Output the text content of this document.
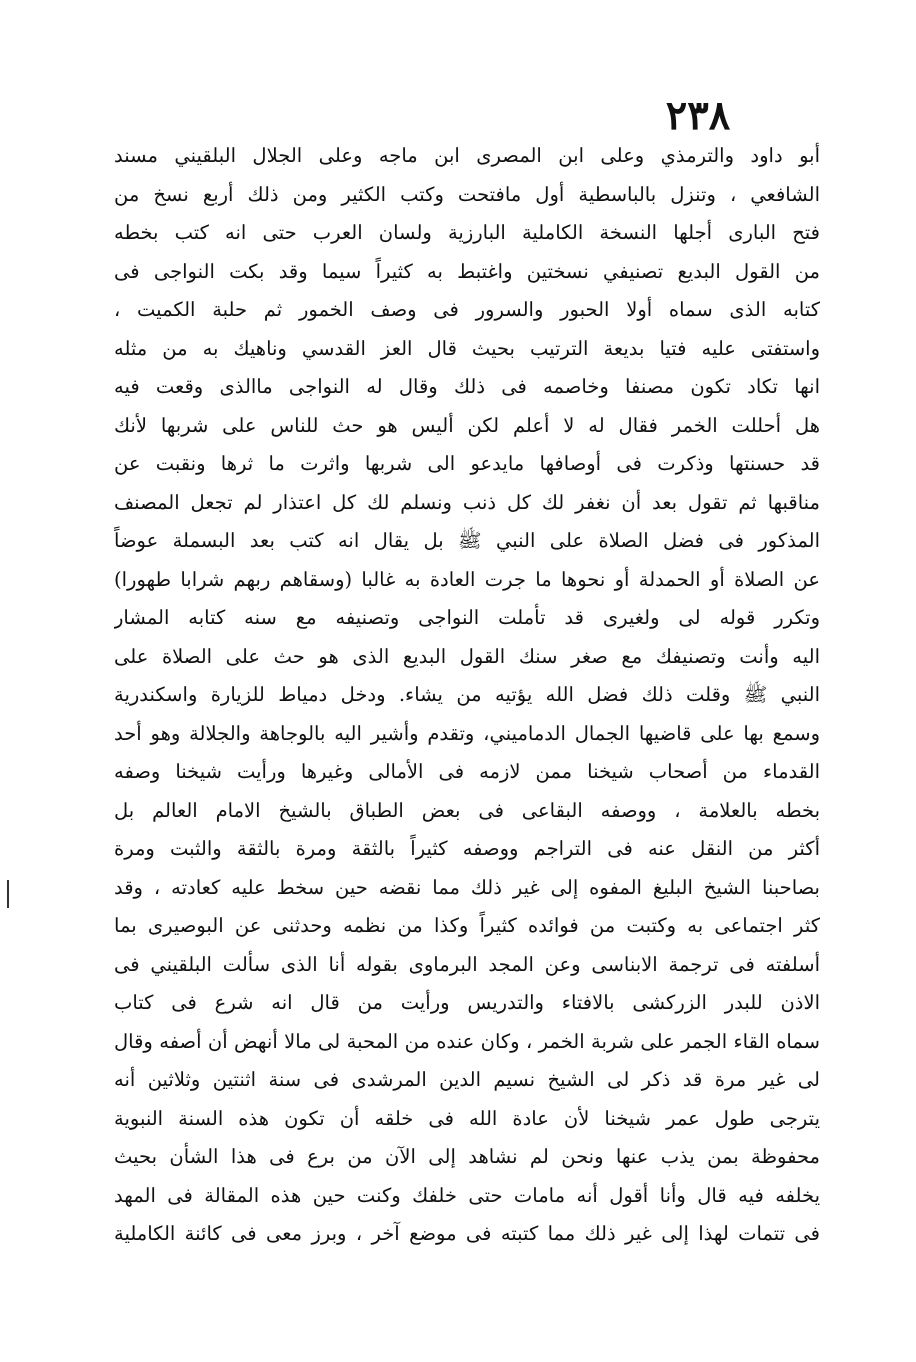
٢٣٨
أبو داود والترمذي وعلى ابن المصرى ابن ماجه وعلى الجلال البلقيني مسند
الشافعي ، وتنزل بالباسطية أول مافتحت وكتب الكثير ومن ذلك أربع نسخ من
فتح البارى أجلها النسخة الكاملية البارزية ولسان العرب حتى انه كتب بخطه
من القول البديع تصنيفي نسختين واغتبط به كثيراً سيما وقد بكت النواجى فى
كتابه الذى سماه أولا الحبور والسرور فى وصف الخمور ثم حلبة الكميت ،
واستفتى عليه فتيا بديعة الترتيب بحيث قال العز القدسي وناهيك به من مثله
انها تكاد تكون مصنفا وخاصمه فى ذلك وقال له النواجى ماالذى وقعت فيه
هل أحللت الخمر فقال له لا أعلم لكن أليس هو حث للناس على شربها لأنك
قد حسنتها وذكرت فى أوصافها مايدعو الى شربها واثرت ما ثرها ونقبت عن
مناقبها ثم تقول بعد أن نغفر لك كل ذنب ونسلم لك كل اعتذار لم تجعل المصنف
المذكور فى فضل الصلاة على النبي ﷺ بل يقال انه كتب بعد البسملة عوضاً
عن الصلاة أو الحمدلة أو نحوها ما جرت العادة به غالبا (وسقاهم ربهم شرابا طهورا)
وتكرر قوله لى ولغيرى قد تأملت النواجى وتصنيفه مع سنه كتابه المشار
اليه وأنت وتصنيفك مع صغر سنك القول البديع الذى هو حث على الصلاة على
النبي ﷺ وقلت ذلك فضل الله يؤتيه من يشاء. ودخل دمياط للزيارة واسكندرية
وسمع بها على قاضيها الجمال الدماميني، وتقدم وأشير اليه بالوجاهة والجلالة وهو أحد
القدماء من أصحاب شيخنا ممن لازمه فى الأمالى وغيرها ورأيت شيخنا وصفه
بخطه بالعلامة ، ووصفه البقاعى فى بعض الطباق بالشيخ الامام العالم بل
أكثر من النقل عنه فى التراجم ووصفه كثيراً بالثقة ومرة بالثقة والثبت ومرة
بصاحبنا الشيخ البليغ المفوه إلى غير ذلك مما نقضه حين سخط عليه كعادته ، وقد
كثر اجتماعى به وكتبت من فوائده كثيراً وكذا من نظمه وحدثنى عن البوصيرى بما
أسلفته فى ترجمة الابناسى وعن المجد البرماوى بقوله أنا الذى سألت البلقيني فى
الاذن للبدر الزركشى بالافتاء والتدريس ورأيت من قال انه شرع فى كتاب
سماه القاء الجمر على شربة الخمر ، وكان عنده من المحبة لى مالا أنهض أن أصفه وقال
لى غير مرة قد ذكر لى الشيخ نسيم الدين المرشدى فى سنة اثنتين وثلاثين أنه
يترجى طول عمر شيخنا لأن عادة الله فى خلقه أن تكون هذه السنة النبوية
محفوظة بمن يذب عنها ونحن لم نشاهد إلى الآن من برع فى هذا الشأن بحيث
يخلفه فيه قال وأنا أقول أنه مامات حتى خلفك وكنت حين هذه المقالة فى المهد
فى تتمات لهذا إلى غير ذلك مما كتبته فى موضع آخر ، وبرز معى فى كائنة الكاملية
